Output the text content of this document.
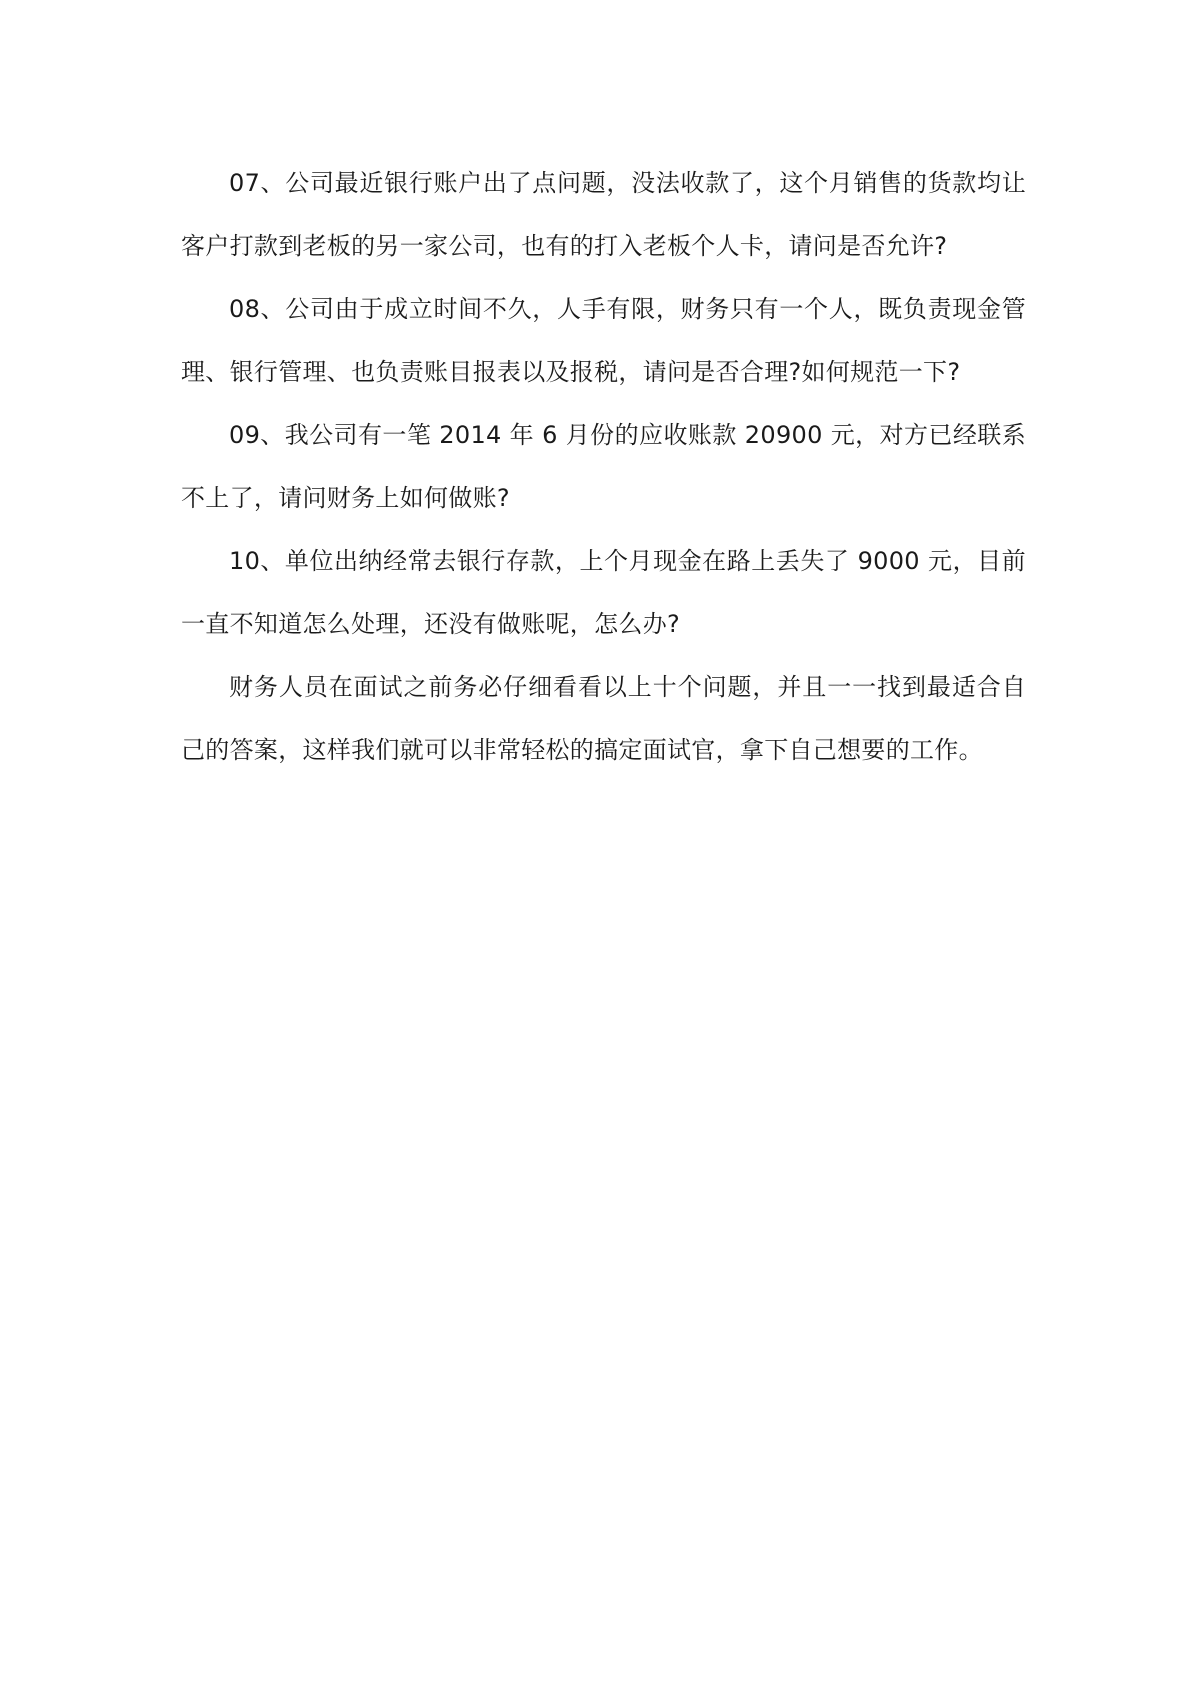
07、公司最近银行账户出了点问题，没法收款了，这个月销售的货款均让客户打款到老板的另一家公司，也有的打入老板个人卡，请问是否允许?

08、公司由于成立时间不久，人手有限，财务只有一个人，既负责现金管理、银行管理、也负责账目报表以及报税，请问是否合理?如何规范一下?

09、我公司有一笔 2014 年 6 月份的应收账款 20900 元，对方已经联系不上了，请问财务上如何做账?

10、单位出纳经常去银行存款，上个月现金在路上丢失了 9000 元，目前一直不知道怎么处理，还没有做账呢，怎么办?

财务人员在面试之前务必仔细看看以上十个问题，并且一一找到最适合自己的答案，这样我们就可以非常轻松的搞定面试官，拿下自己想要的工作。
